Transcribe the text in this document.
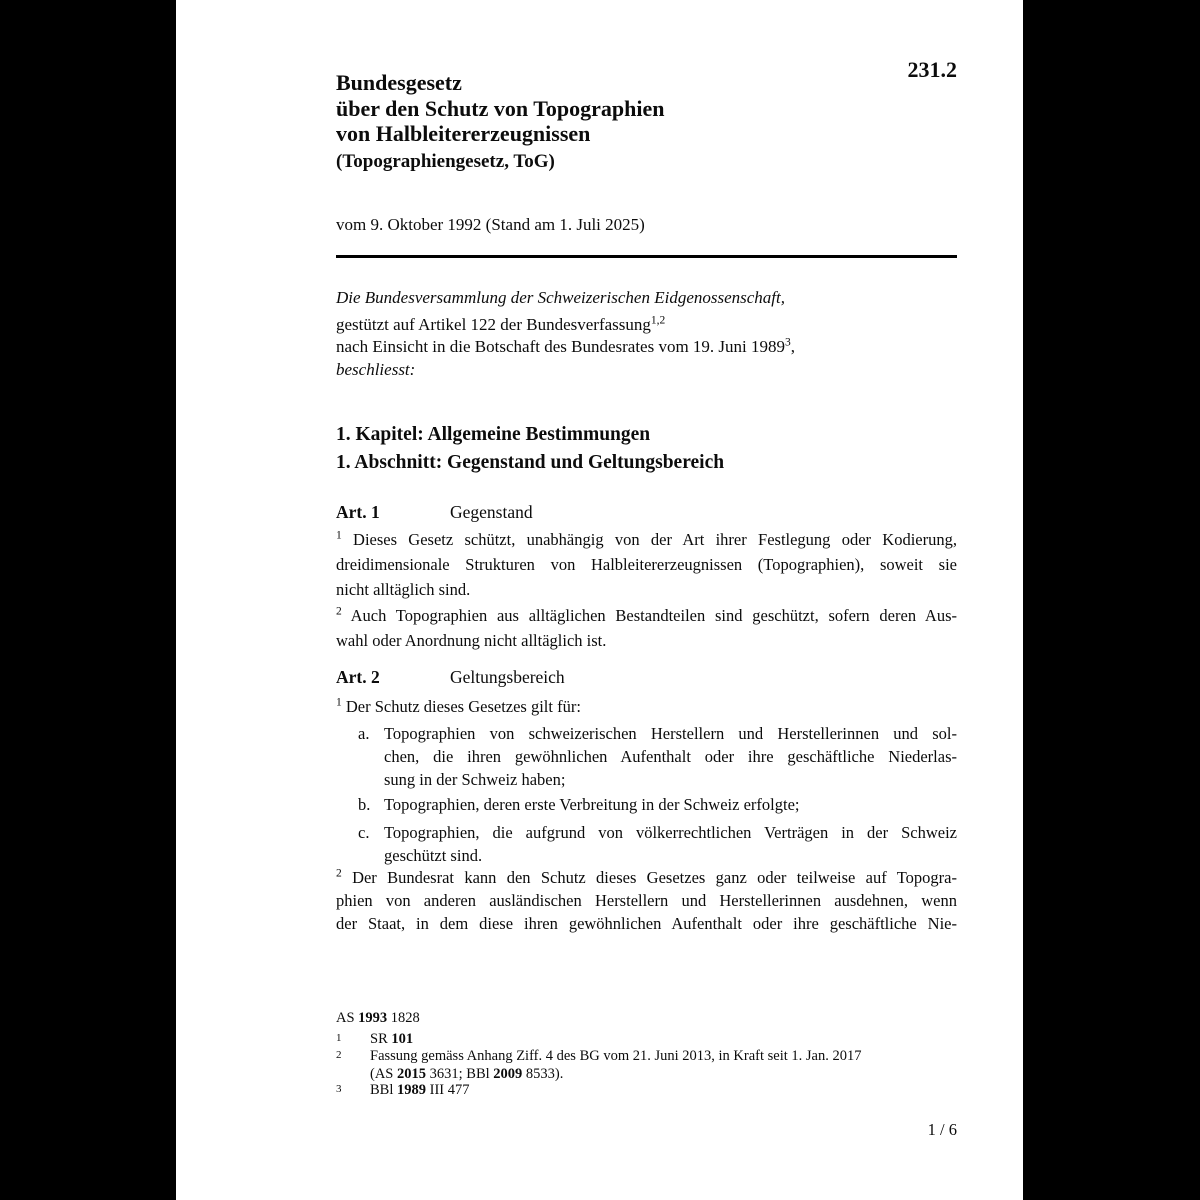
231.2
Bundesgesetz
über den Schutz von Topographien
von Halbleitererzeugnissen
(Topographiengesetz, ToG)
vom 9. Oktober 1992 (Stand am 1. Juli 2025)
Die Bundesversammlung der Schweizerischen Eidgenossenschaft,
gestützt auf Artikel 122 der Bundesverfassung$^{1,2}$
nach Einsicht in die Botschaft des Bundesrates vom 19. Juni 1989$^3$,
beschliesst:
1. Kapitel: Allgemeine Bestimmungen
1. Abschnitt: Gegenstand und Geltungsbereich
Art. 1	Gegenstand
$^1$ Dieses Gesetz schützt, unabhängig von der Art ihrer Festlegung oder Kodierung,
dreidimensionale Strukturen von Halbleitererzeugnissen (Topographien), soweit sie
nicht alltäglich sind.
$^2$ Auch Topographien aus alltäglichen Bestandteilen sind geschützt, sofern deren Aus-
wahl oder Anordnung nicht alltäglich ist.
Art. 2	Geltungsbereich
$^1$ Der Schutz dieses Gesetzes gilt für:
a. Topographien von schweizerischen Herstellern und Herstellerinnen und sol-
chen, die ihren gewöhnlichen Aufenthalt oder ihre geschäftliche Niederlas-
sung in der Schweiz haben;
b. Topographien, deren erste Verbreitung in der Schweiz erfolgte;
c. Topographien, die aufgrund von völkerrechtlichen Verträgen in der Schweiz
geschützt sind.
$^2$ Der Bundesrat kann den Schutz dieses Gesetzes ganz oder teilweise auf Topogra-
phien von anderen ausländischen Herstellern und Herstellerinnen ausdehnen, wenn
der Staat, in dem diese ihren gewöhnlichen Aufenthalt oder ihre geschäftliche Nie-
AS 1993 1828
1	SR 101
2	Fassung gemäss Anhang Ziff. 4 des BG vom 21. Juni 2013, in Kraft seit 1. Jan. 2017
(AS 2015 3631; BBl 2009 8533).
3	BBl 1989 III 477
1 / 6
